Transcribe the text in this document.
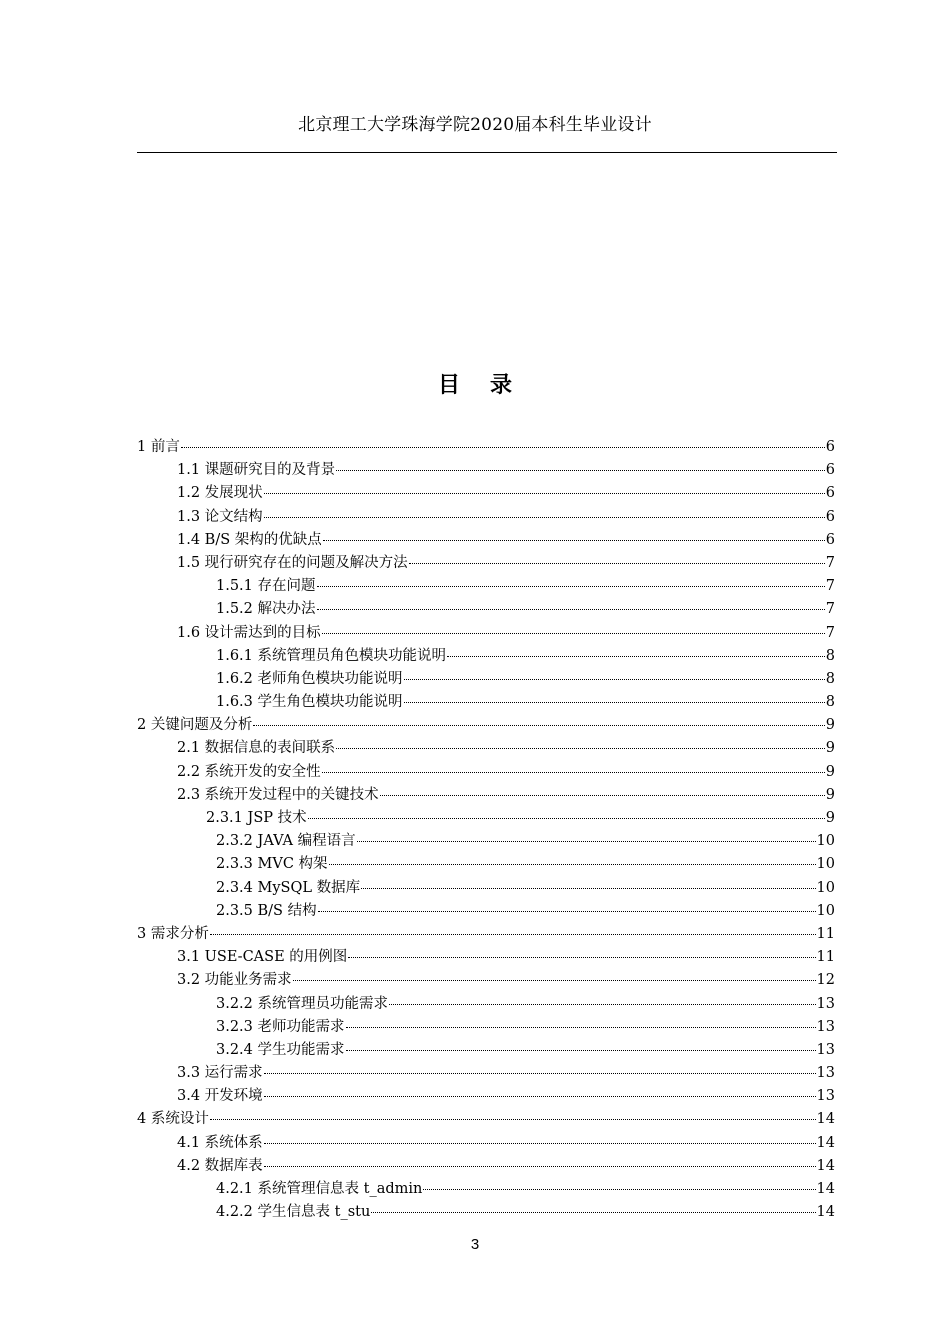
北京理工大学珠海学院2020届本科生毕业设计
目录
1 前言	6
1.1 课题研究目的及背景	6
1.2 发展现状	6
1.3 论文结构	6
1.4 B/S 架构的优缺点	6
1.5 现行研究存在的问题及解决方法	7
1.5.1 存在问题	7
1.5.2 解决办法	7
1.6 设计需达到的目标	7
1.6.1 系统管理员角色模块功能说明	8
1.6.2 老师角色模块功能说明	8
1.6.3 学生角色模块功能说明	8
2 关键问题及分析	9
2.1 数据信息的表间联系	9
2.2 系统开发的安全性	9
2.3 系统开发过程中的关键技术	9
2.3.1 JSP 技术	9
2.3.2 JAVA 编程语言	10
2.3.3 MVC 构架	10
2.3.4 MySQL 数据库	10
2.3.5 B/S 结构	10
3 需求分析	11
3.1 USE-CASE 的用例图	11
3.2 功能业务需求	12
3.2.2 系统管理员功能需求	13
3.2.3 老师功能需求	13
3.2.4 学生功能需求	13
3.3 运行需求	13
3.4 开发环境	13
4 系统设计	14
4.1 系统体系	14
4.2 数据库表	14
4.2.1 系统管理信息表 t_admin	14
4.2.2 学生信息表 t_stu	14
3
